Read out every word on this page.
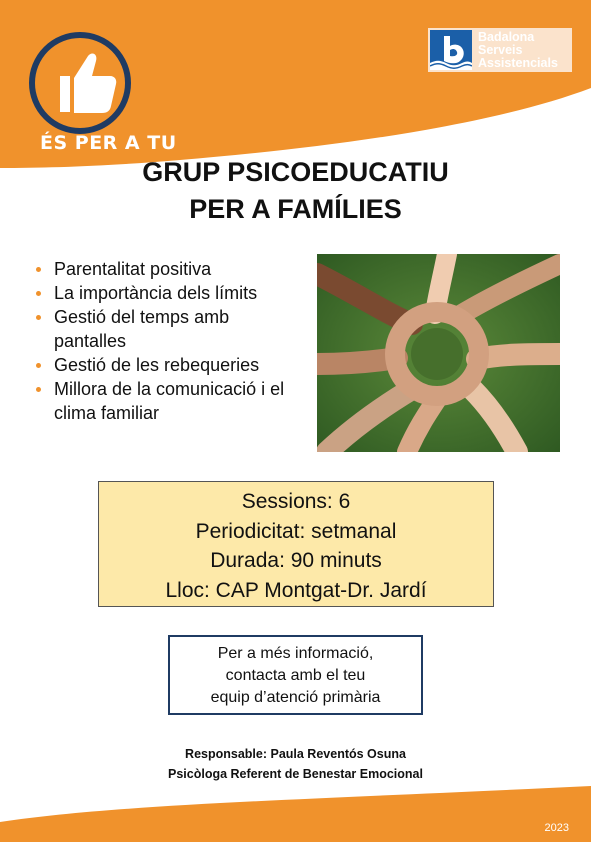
ÉS PER A TU
Badalona
Serveis
Assistencials
GRUP PSICOEDUCATIU
PER A FAMÍLIES
Parentalitat positiva
La importància dels límits
Gestió del temps amb pantalles
Gestió de les rebequeries
Millora de la comunicació i el clima familiar
Sessions: 6
Periodicitat: setmanal
Durada: 90 minuts
Lloc: CAP Montgat-Dr. Jardí
Per a més informació,
contacta amb el teu
equip d’atenció primària
Responsable: Paula Reventós Osuna
Psicòloga Referent de Benestar Emocional
2023
